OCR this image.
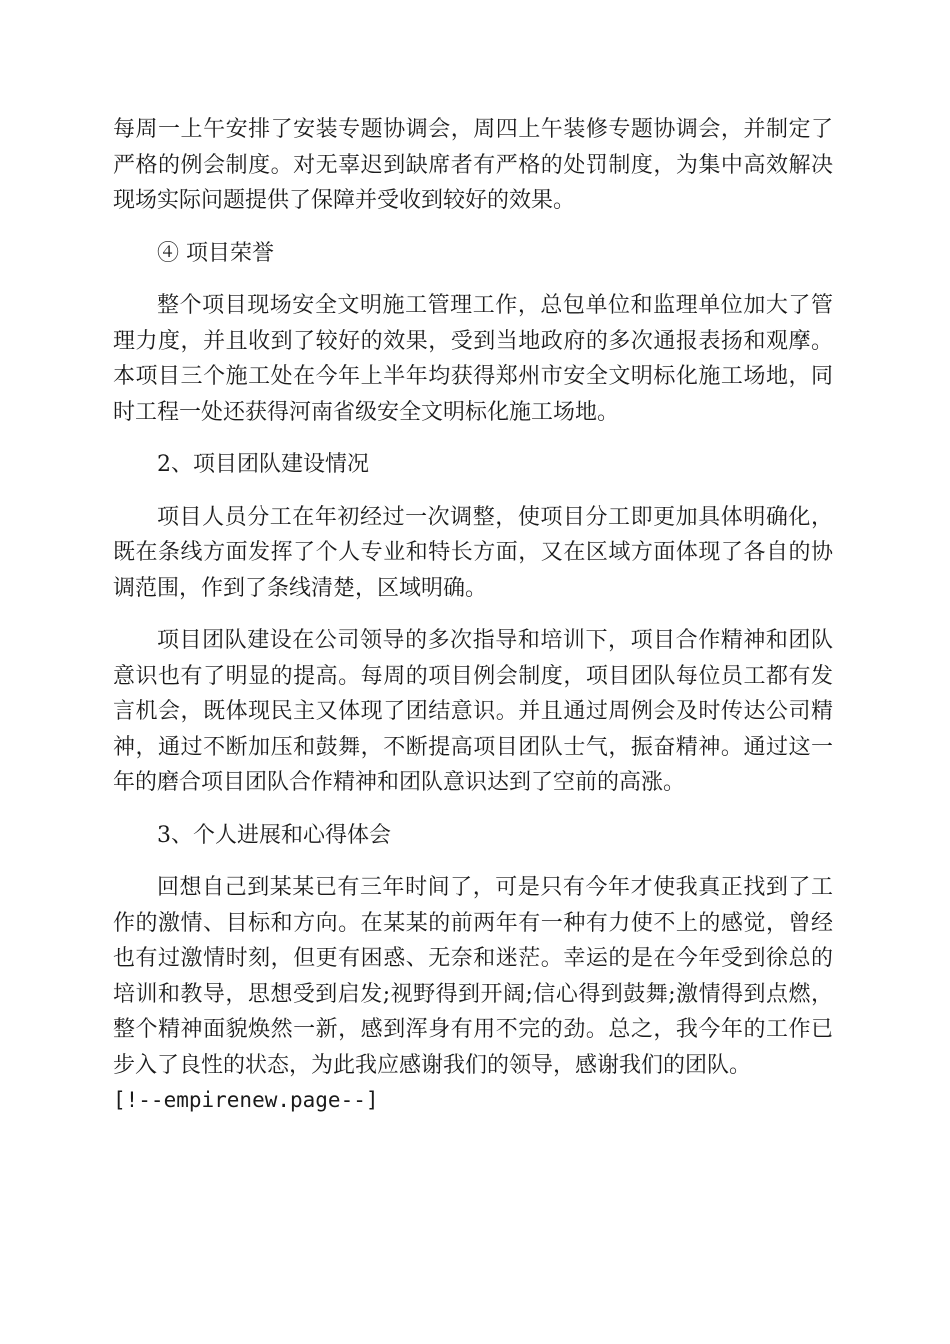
每周一上午安排了安装专题协调会，周四上午装修专题协调会，并制定了严格的例会制度。对无辜迟到缺席者有严格的处罚制度，为集中高效解决现场实际问题提供了保障并受收到较好的效果。

④ 项目荣誉

整个项目现场安全文明施工管理工作，总包单位和监理单位加大了管理力度，并且收到了较好的效果，受到当地政府的多次通报表扬和观摩。本项目三个施工处在今年上半年均获得郑州市安全文明标化施工场地，同时工程一处还获得河南省级安全文明标化施工场地。

2、项目团队建设情况

项目人员分工在年初经过一次调整，使项目分工即更加具体明确化，既在条线方面发挥了个人专业和特长方面，又在区域方面体现了各自的协调范围，作到了条线清楚，区域明确。

项目团队建设在公司领导的多次指导和培训下，项目合作精神和团队意识也有了明显的提高。每周的项目例会制度，项目团队每位员工都有发言机会，既体现民主又体现了团结意识。并且通过周例会及时传达公司精神，通过不断加压和鼓舞，不断提高项目团队士气，振奋精神。通过这一年的磨合项目团队合作精神和团队意识达到了空前的高涨。

3、个人进展和心得体会

回想自己到某某已有三年时间了，可是只有今年才使我真正找到了工作的激情、目标和方向。在某某的前两年有一种有力使不上的感觉，曾经也有过激情时刻，但更有困惑、无奈和迷茫。幸运的是在今年受到徐总的培训和教导，思想受到启发;视野得到开阔;信心得到鼓舞;激情得到点燃，整个精神面貌焕然一新，感到浑身有用不完的劲。总之，我今年的工作已步入了良性的状态，为此我应感谢我们的领导，感谢我们的团队。

[!--empirenew.page--]
